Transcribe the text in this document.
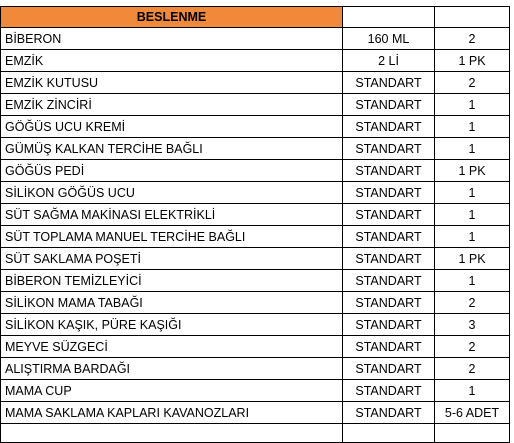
BESLENME		
BİBERON	160 ML	2
EMZİK	2 Lİ	1 PK
EMZİK KUTUSU	STANDART	2
EMZİK ZİNCİRİ	STANDART	1
GÖĞÜS UCU KREMİ	STANDART	1
GÜMÜŞ KALKAN TERCİHE BAĞLI	STANDART	1
GÖĞÜS PEDİ	STANDART	1 PK
SİLİKON GÖĞÜS UCU	STANDART	1
SÜT SAĞMA MAKİNASI ELEKTRİKLİ	STANDART	1
SÜT TOPLAMA MANUEL TERCİHE BAĞLI	STANDART	1
SÜT SAKLAMA POŞETİ	STANDART	1 PK
BİBERON TEMİZLEYİCİ	STANDART	1
SİLİKON MAMA TABAĞI	STANDART	2
SİLİKON KAŞIK, PÜRE KAŞIĞI	STANDART	3
MEYVE SÜZGECİ	STANDART	2
ALIŞTIRMA BARDAĞI	STANDART	2
MAMA CUP	STANDART	1
MAMA SAKLAMA KAPLARI KAVANOZLARI	STANDART	5-6 ADET
